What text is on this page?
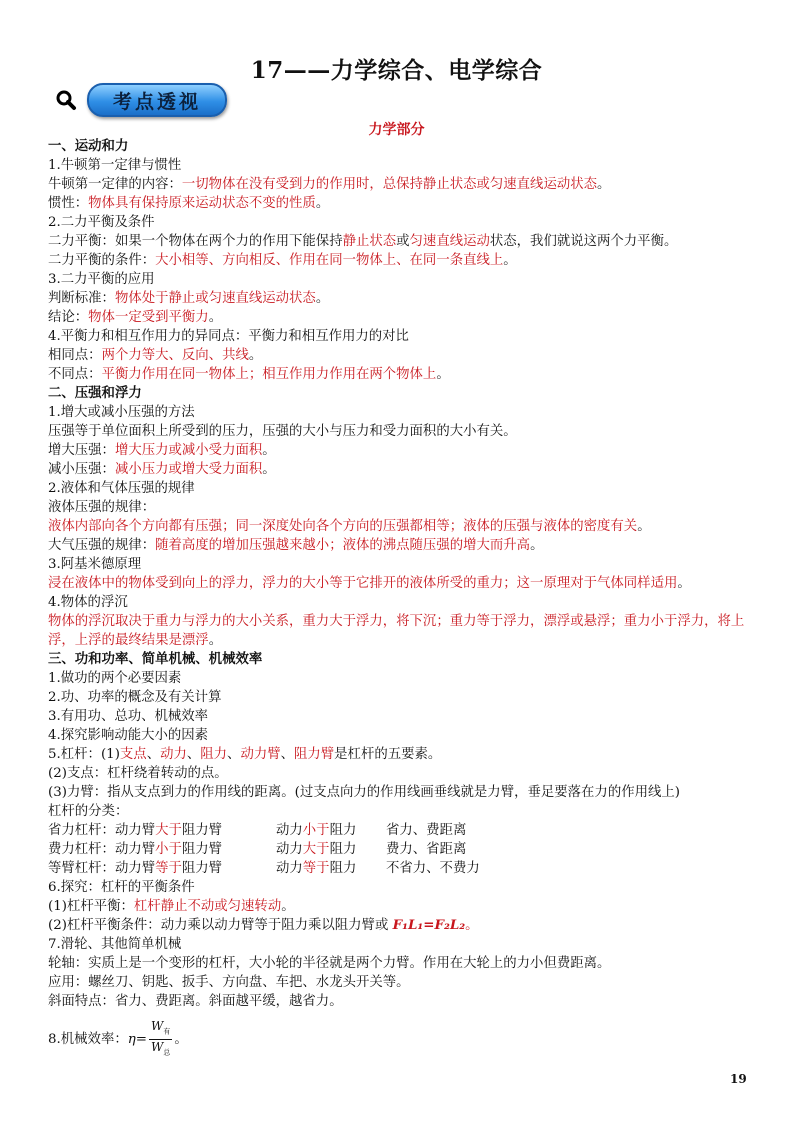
17——力学综合、电学综合
考点透视
力学部分
一、运动和力
1.牛顿第一定律与惯性
牛顿第一定律的内容：一切物体在没有受到力的作用时，总保持静止状态或匀速直线运动状态。
惯性：物体具有保持原来运动状态不变的性质。
2.二力平衡及条件
二力平衡：如果一个物体在两个力的作用下能保持静止状态或匀速直线运动状态，我们就说这两个力平衡。
二力平衡的条件：大小相等、方向相反、作用在同一物体上、在同一条直线上。
3.二力平衡的应用
判断标准：物体处于静止或匀速直线运动状态。
结论：物体一定受到平衡力。
4.平衡力和相互作用力的异同点：平衡力和相互作用力的对比
相同点：两个力等大、反向、共线。
不同点：平衡力作用在同一物体上；相互作用力作用在两个物体上。
二、压强和浮力
1.增大或减小压强的方法
压强等于单位面积上所受到的压力，压强的大小与压力和受力面积的大小有关。
增大压强：增大压力或减小受力面积。
减小压强：减小压力或增大受力面积。
2.液体和气体压强的规律
液体压强的规律：
液体内部向各个方向都有压强；同一深度处向各个方向的压强都相等；液体的压强与液体的密度有关。
大气压强的规律：随着高度的增加压强越来越小；液体的沸点随压强的增大而升高。
3.阿基米德原理
浸在液体中的物体受到向上的浮力，浮力的大小等于它排开的液体所受的重力；这一原理对于气体同样适用。
4.物体的浮沉
物体的浮沉取决于重力与浮力的大小关系，重力大于浮力，将下沉；重力等于浮力，漂浮或悬浮；重力小于浮力，将上浮，上浮的最终结果是漂浮。
三、功和功率、简单机械、机械效率
1.做功的两个必要因素
2.功、功率的概念及有关计算
3.有用功、总功、机械效率
4.探究影响动能大小的因素
5.杠杆：(1)支点、动力、阻力、动力臂、阻力臂是杠杆的五要素。
(2)支点：杠杆绕着转动的点。
(3)力臂：指从支点到力的作用线的距离。(过支点向力的作用线画垂线就是力臂，垂足要落在力的作用线上)
杠杆的分类：
省力杠杆：动力臂大于阻力臂	动力小于阻力	省力、费距离
费力杠杆：动力臂小于阻力臂	动力大于阻力	费力、省距离
等臂杠杆：动力臂等于阻力臂	动力等于阻力	不省力、不费力
6.探究：杠杆的平衡条件
(1)杠杆平衡：杠杆静止不动或匀速转动。
(2)杠杆平衡条件：动力乘以动力臂等于阻力乘以阻力臂或 F₁L₁=F₂L₂。
7.滑轮、其他简单机械
轮轴：实质上是一个变形的杠杆，大小轮的半径就是两个力臂。作用在大轮上的力小但费距离。
应用：螺丝刀、钥匙、扳手、方向盘、车把、水龙头开关等。
斜面特点：省力、费距离。斜面越平缓，越省力。
8.机械效率： $\eta= \frac{W_有}{W_总}$ 。
19
